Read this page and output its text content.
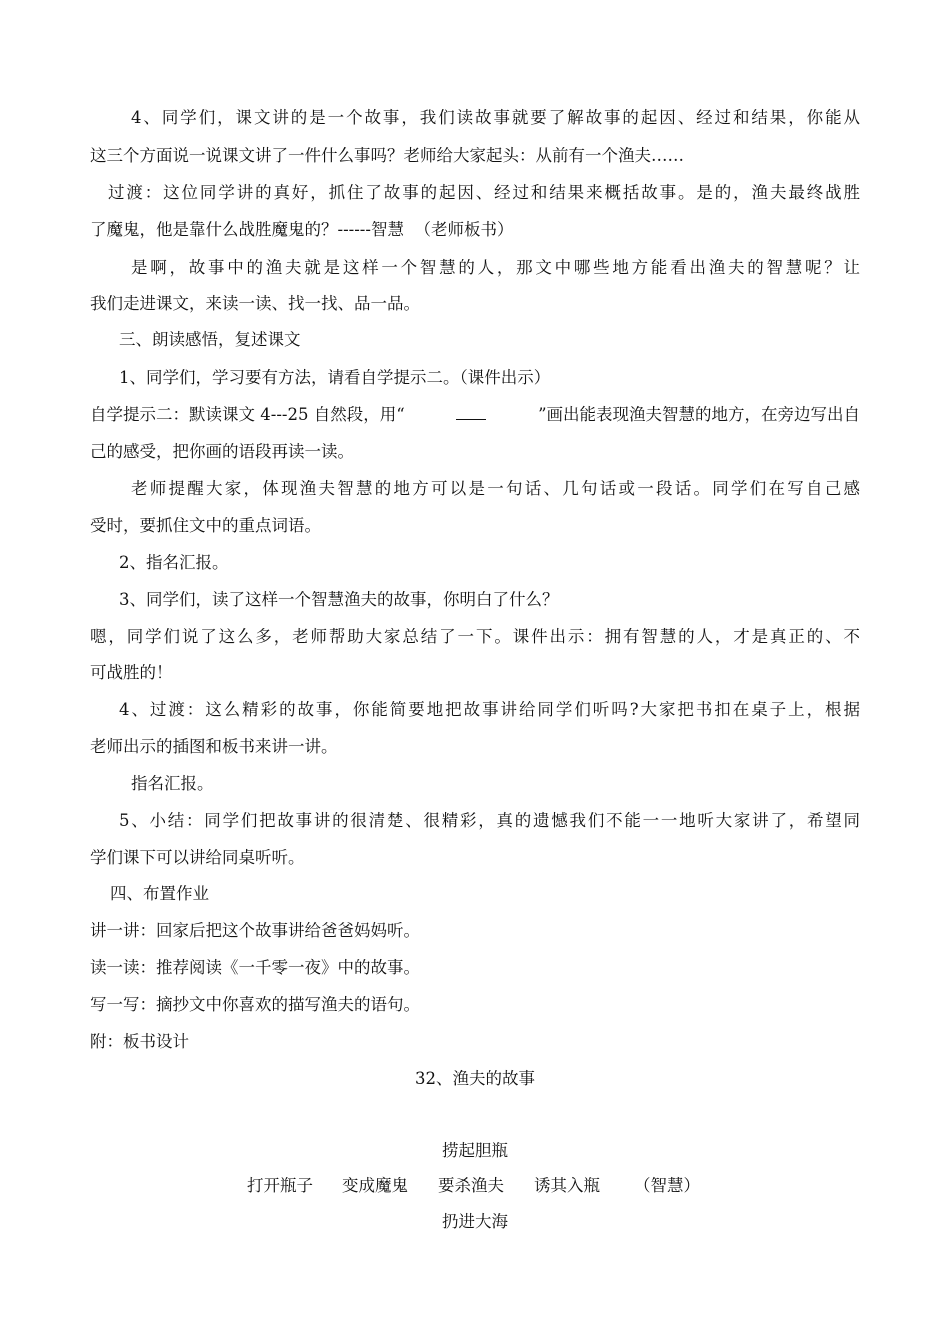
4、同学们，课文讲的是一个故事，我们读故事就要了解故事的起因、经过和结果，你能从
这三个方面说一说课文讲了一件什么事吗？老师给大家起头：从前有一个渔夫……
过渡：这位同学讲的真好，抓住了故事的起因、经过和结果来概括故事。是的，渔夫最终战胜
了魔鬼，他是靠什么战胜魔鬼的？------智慧  （老师板书）
是啊，故事中的渔夫就是这样一个智慧的人，那文中哪些地方能看出渔夫的智慧呢？让
我们走进课文，来读一读、找一找、品一品。
三、朗读感悟，复述课文
1、同学们，学习要有方法，请看自学提示二。（课件出示）
自学提示二：默读课文 4---25 自然段，用“	”画出能表现渔夫智慧的地方，在旁边写出自
己的感受，把你画的语段再读一读。
老师提醒大家，体现渔夫智慧的地方可以是一句话、几句话或一段话。同学们在写自己感
受时，要抓住文中的重点词语。
2、指名汇报。
3、同学们，读了这样一个智慧渔夫的故事，你明白了什么？
嗯，同学们说了这么多，老师帮助大家总结了一下。课件出示：拥有智慧的人，才是真正的、不
可战胜的！
4、过渡：这么精彩的故事，你能简要地把故事讲给同学们听吗?大家把书扣在桌子上，根据
老师出示的插图和板书来讲一讲。
指名汇报。
5、小结：同学们把故事讲的很清楚、很精彩，真的遗憾我们不能一一地听大家讲了，希望同
学们课下可以讲给同桌听听。
四、布置作业
讲一讲：回家后把这个故事讲给爸爸妈妈听。
读一读：推荐阅读《一千零一夜》中的故事。
写一写：摘抄文中你喜欢的描写渔夫的语句。
附：板书设计
32、渔夫的故事
捞起胆瓶
打开瓶子 变成魔鬼 要杀渔夫 诱其入瓶 （智慧）
扔进大海
